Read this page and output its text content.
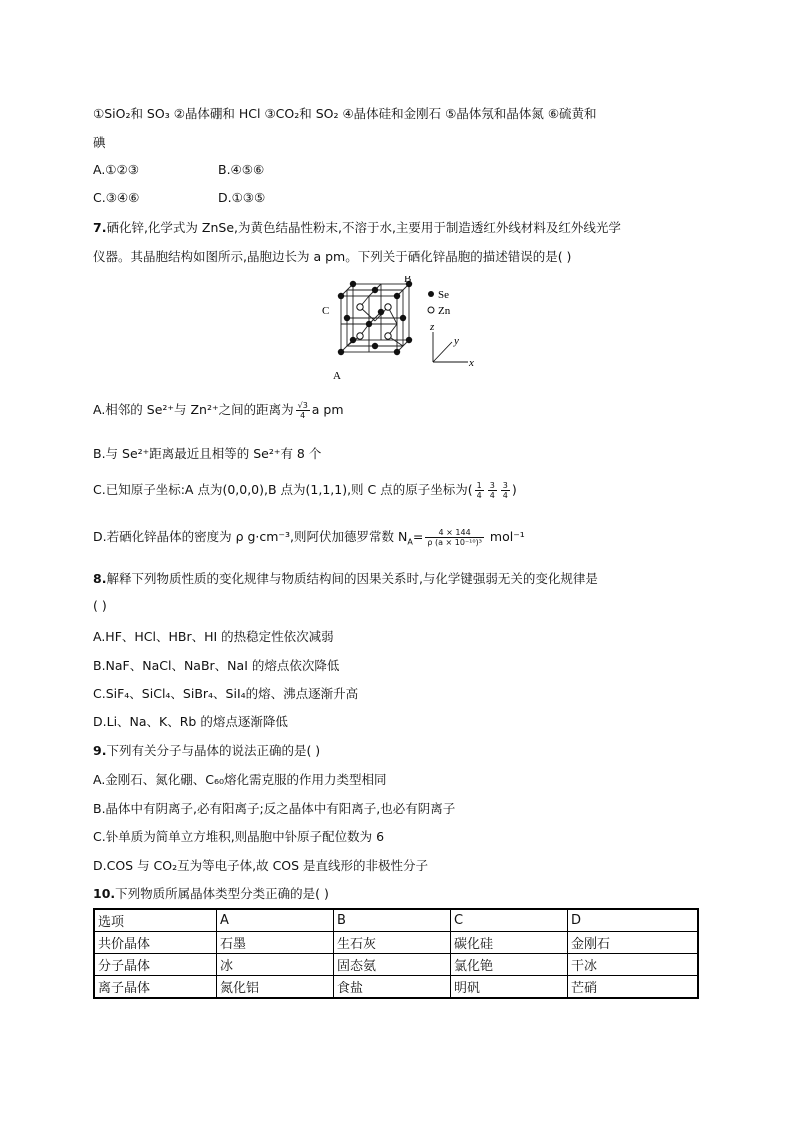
①SiO₂和 SO₃ ②晶体硼和 HCl ③CO₂和 SO₂ ④晶体硅和金刚石 ⑤晶体氖和晶体氮 ⑥硫黄和
碘
A.①②③	B.④⑤⑥
C.③④⑥	D.①③⑤
7.硒化锌,化学式为 ZnSe,为黄色结晶性粉末,不溶于水,主要用于制造透红外线材料及红外线光学
仪器。其晶胞结构如图所示,晶胞边长为 a pm。下列关于硒化锌晶胞的描述错误的是( )
A
B
C
Se
Zn
z
y
x
A.相邻的 Se²⁺与 Zn²⁺之间的距离为 $\frac{√3}{4}$ a pm
B.与 Se²⁺距离最近且相等的 Se²⁺有 8 个
C.已知原子坐标:A 点为(0,0,0),B 点为(1,1,1),则 C 点的原子坐标为( $\frac{1}{4} \frac{3}{4} \frac{3}{4}$ )
D.若硒化锌晶体的密度为 ρ g·cm⁻³,则阿伏加德罗常数 $N_A= \frac{4 \times 144}{\text{ρ (a × 10⁻¹⁰)³}} mol^{-1}$
8.解释下列物质性质的变化规律与物质结构间的因果关系时,与化学键强弱无关的变化规律是
( )
A.HF、HCl、HBr、HI 的热稳定性依次减弱
B.NaF、NaCl、NaBr、NaI 的熔点依次降低
C.SiF₄、SiCl₄、SiBr₄、SiI₄的熔、沸点逐渐升高
D.Li、Na、K、Rb 的熔点逐渐降低
9.下列有关分子与晶体的说法正确的是( )
A.金刚石、氮化硼、C₆₀熔化需克服的作用力类型相同
B.晶体中有阴离子,必有阳离子;反之晶体中有阳离子,也必有阴离子
C.钋单质为简单立方堆积,则晶胞中钋原子配位数为 6
D.COS 与 CO₂互为等电子体,故 COS 是直线形的非极性分子
10.下列物质所属晶体类型分类正确的是( )
选项	A	B	C	D
共价晶体	石墨	生石灰	碳化硅	金刚石
分子晶体	冰	固态氨	氯化铯	干冰
离子晶体	氮化铝	食盐	明矾	芒硝
